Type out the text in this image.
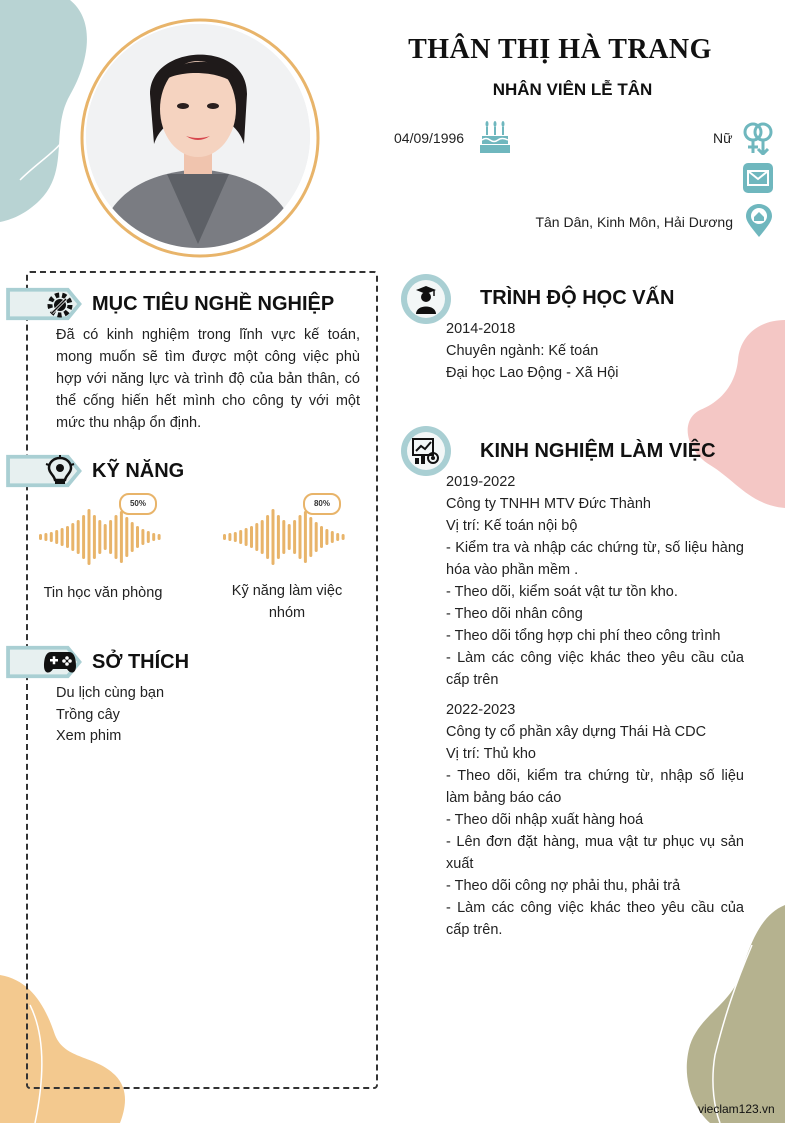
THÂN THỊ HÀ TRANG
NHÂN VIÊN LỄ TÂN
04/09/1996	Nữ
Tân Dân, Kinh Môn, Hải Dương
MỤC TIÊU NGHỀ NGHIỆP
Đã có kinh nghiệm trong lĩnh vực kế toán, mong muốn sẽ tìm được một công việc phù hợp với năng lực và trình độ của bản thân, có thể cống hiến hết mình cho công ty với một mức thu nhập ổn định.
KỸ NĂNG
50%
Tin học văn phòng
80%
Kỹ năng làm việc nhóm
SỞ THÍCH
Du lịch cùng bạn
Trồng cây
Xem phim
TRÌNH ĐỘ HỌC VẤN
2014-2018
Chuyên ngành: Kế toán
Đại học Lao Động - Xã Hội
KINH NGHIỆM LÀM VIỆC
2019-2022
Công ty TNHH MTV Đức Thành
Vị trí: Kế toán nội bộ
- Kiểm tra và nhập các chứng từ, số liệu hàng hóa vào phần mềm .
- Theo dõi, kiểm soát vật tư tồn kho.
- Theo dõi nhân công
- Theo dõi tổng hợp chi phí theo công trình
- Làm các công việc khác theo yêu cầu của cấp trên
2022-2023
Công ty cổ phần xây dựng Thái Hà CDC
Vị trí: Thủ kho
- Theo dõi, kiểm tra chứng từ, nhập số liệu làm bảng báo cáo
- Theo dõi nhập xuất hàng hoá
- Lên đơn đặt hàng, mua vật tư phục vụ sản xuất
- Theo dõi công nợ phải thu, phải trả
- Làm các công việc khác theo yêu cầu của cấp trên.
vieclam123.vn
